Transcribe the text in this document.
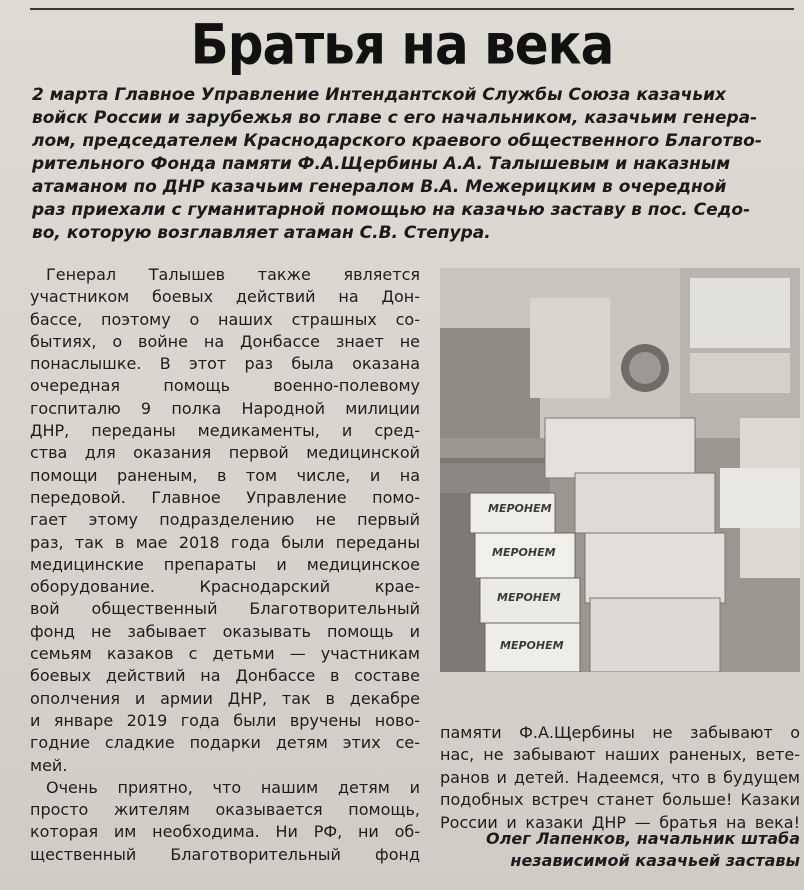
Братья на века
2 марта Главное Управление Интендантской Службы Союза казачьих
войск России и зарубежья во главе с его начальником, казачьим генера-
лом, председателем Краснодарского краевого общественного Благотво-
рительного Фонда памяти Ф.А.Щербины А.А. Талышевым и наказным
атаманом по ДНР казачьим генералом В.А. Межерицким в очередной
раз приехали с гуманитарной помощью на казачью заставу в пос. Седо-
во, которую возглавляет атаман С.В. Степура.
Генерал Талышев также является
участником боевых действий на Дон-
бассе, поэтому о наших страшных со-
бытиях, о войне на Донбассе знает не
понаслышке. В этот раз была оказана
очередная помощь военно-полевому
госпиталю 9 полка Народной милиции
ДНР, переданы медикаменты, и сред-
ства для оказания первой медицинской
помощи раненым, в том числе, и на
передовой. Главное Управление помо-
гает этому подразделению не первый
раз, так в мае 2018 года были переданы
медицинские препараты и медицинское
оборудование. Краснодарский крае-
вой общественный Благотворительный
фонд не забывает оказывать помощь и
семьям казаков с детьми — участникам
боевых действий на Донбассе в составе
ополчения и армии ДНР, так в декабре
и январе 2019 года были вручены ново-
годние сладкие подарки детям этих се-
мей.
Очень приятно, что нашим детям и
просто жителям оказывается помощь,
которая им необходима. Ни РФ, ни об-
щественный Благотворительный фонд
МЕРОНЕМ
МЕРОНЕМ
МЕРОНЕМ
МЕРОНЕМ
памяти Ф.А.Щербины не забывают о
нас, не забывают наших раненых, вете-
ранов и детей. Надеемся, что в будущем
подобных встреч станет больше! Казаки
России и казаки ДНР — братья на века!
Олег Лапенков, начальник штаба
независимой казачьей заставы
